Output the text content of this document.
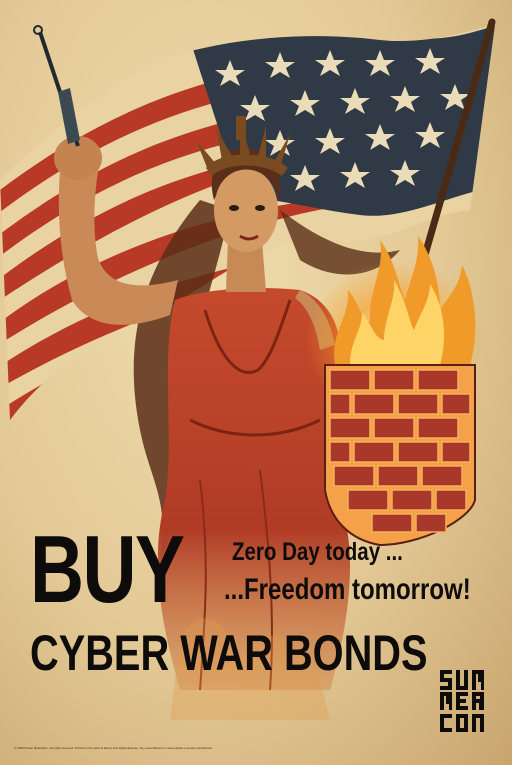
BUY Zero Day today ...
...Freedom tomorrow!
CYBER WAR BONDS
© 2025 Poster Illustration. All rights reserved. Printed in the spirit of liberty and digital defense. Any resemblance to real exploits is purely coincidental.
